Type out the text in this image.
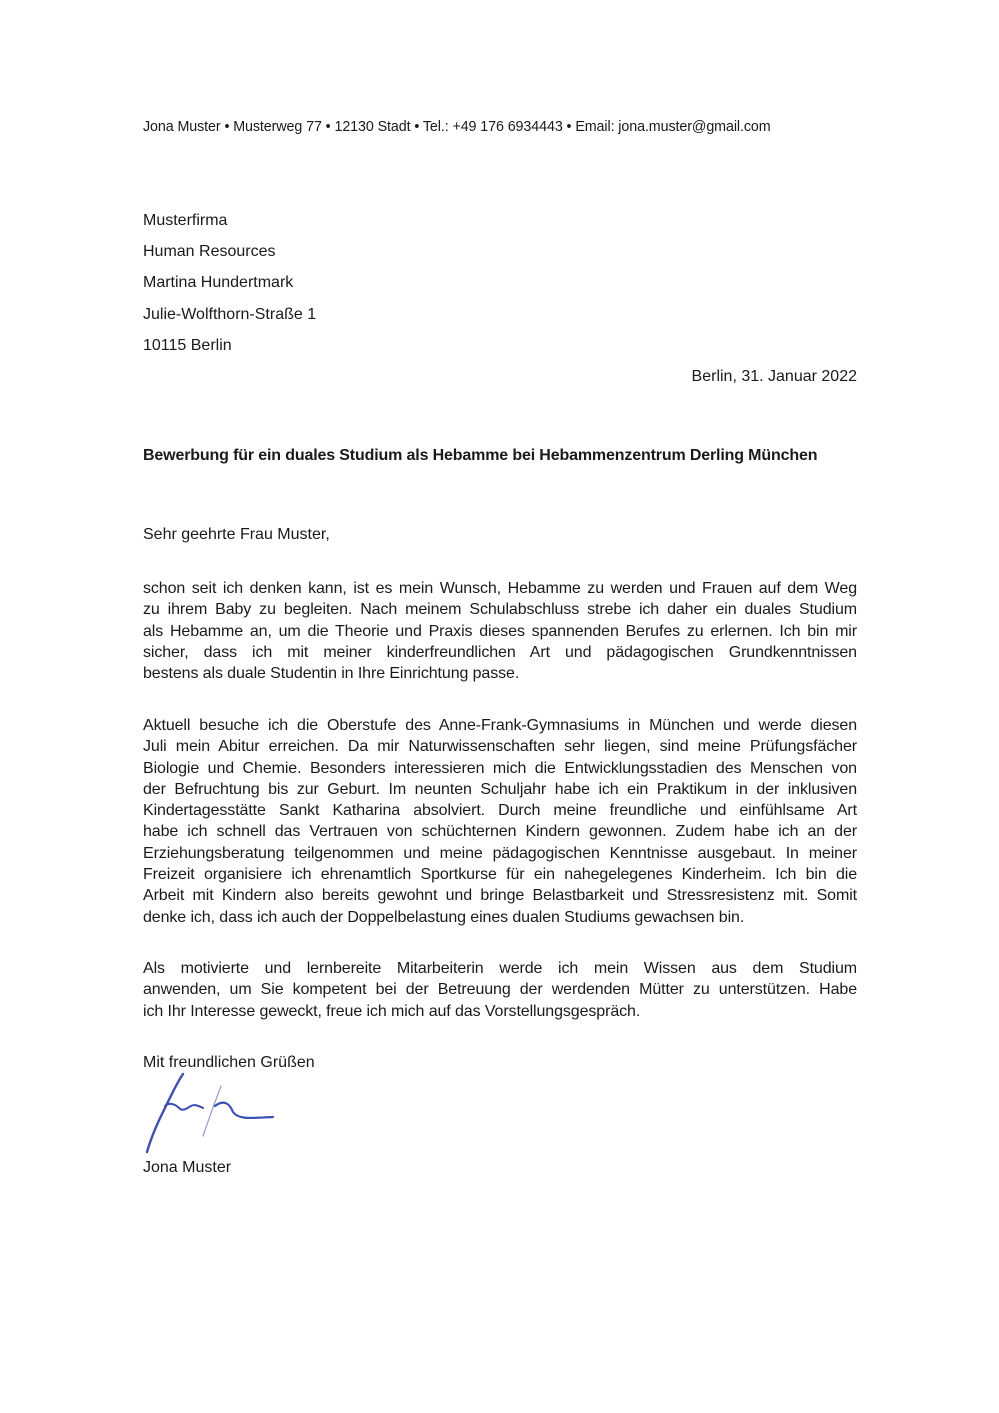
Jona Muster • Musterweg 77 • 12130 Stadt • Tel.: +49 176 6934443 • Email: jona.muster@gmail.com
Musterfirma
Human Resources
Martina Hundertmark
Julie-Wolfthorn-Straße 1
10115 Berlin
Berlin, 31. Januar 2022
Bewerbung für ein duales Studium als Hebamme bei Hebammenzentrum Derling München
Sehr geehrte Frau Muster,
schon seit ich denken kann, ist es mein Wunsch, Hebamme zu werden und Frauen auf dem Weg
zu ihrem Baby zu begleiten. Nach meinem Schulabschluss strebe ich daher ein duales Studium
als Hebamme an, um die Theorie und Praxis dieses spannenden Berufes zu erlernen. Ich bin mir
sicher, dass ich mit meiner kinderfreundlichen Art und pädagogischen Grundkenntnissen
bestens als duale Studentin in Ihre Einrichtung passe.
Aktuell besuche ich die Oberstufe des Anne-Frank-Gymnasiums in München und werde diesen
Juli mein Abitur erreichen. Da mir Naturwissenschaften sehr liegen, sind meine Prüfungsfächer
Biologie und Chemie. Besonders interessieren mich die Entwicklungsstadien des Menschen von
der Befruchtung bis zur Geburt. Im neunten Schuljahr habe ich ein Praktikum in der inklusiven
Kindertagesstätte Sankt Katharina absolviert. Durch meine freundliche und einfühlsame Art
habe ich schnell das Vertrauen von schüchternen Kindern gewonnen. Zudem habe ich an der
Erziehungsberatung teilgenommen und meine pädagogischen Kenntnisse ausgebaut. In meiner
Freizeit organisiere ich ehrenamtlich Sportkurse für ein nahegelegenes Kinderheim. Ich bin die
Arbeit mit Kindern also bereits gewohnt und bringe Belastbarkeit und Stressresistenz mit. Somit
denke ich, dass ich auch der Doppelbelastung eines dualen Studiums gewachsen bin.
Als motivierte und lernbereite Mitarbeiterin werde ich mein Wissen aus dem Studium
anwenden, um Sie kompetent bei der Betreuung der werdenden Mütter zu unterstützen. Habe
ich Ihr Interesse geweckt, freue ich mich auf das Vorstellungsgespräch.
Mit freundlichen Grüßen
Jona Muster
